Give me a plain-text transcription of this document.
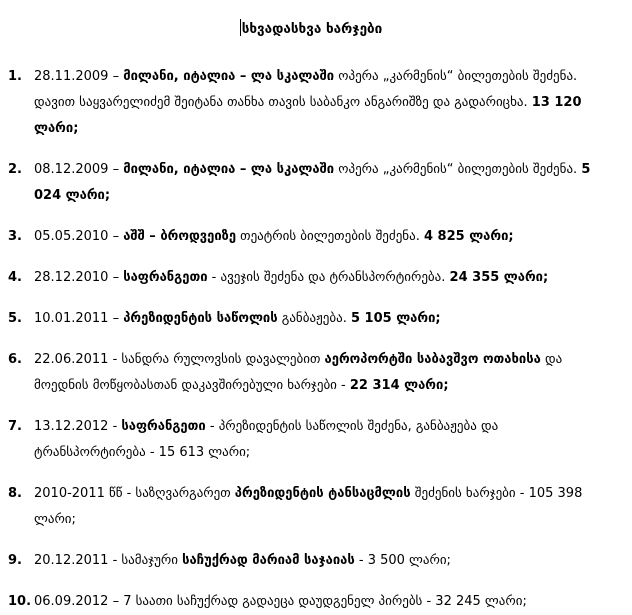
სხვადასხვა ხარჯები
1. 28.11.2009 – მილანი, იტალია – ლა სკალაში ოპერა „კარმენის“ ბილეთების შეძენა. დავით საყვარელიძემ შეიტანა თანხა თავის საბანკო ანგარიშზე და გადარიცხა. 13 120 ლარი;
2. 08.12.2009 – მილანი, იტალია – ლა სკალაში ოპერა „კარმენის“ ბილეთების შეძენა. 5 024 ლარი;
3. 05.05.2010 – აშშ – ბროდვეიზე თეატრის ბილეთების შეძენა. 4 825 ლარი;
4. 28.12.2010 – საფრანგეთი - ავეჯის შეძენა და ტრანსპორტირება. 24 355 ლარი;
5. 10.01.2011 – პრეზიდენტის საწოლის განბაჟება. 5 105 ლარი;
6. 22.06.2011 - სანდრა რულოვსის დავალებით აეროპორტში საბავშვო ოთახისა და მოედნის მოწყობასთან დაკავშირებული ხარჯები - 22 314 ლარი;
7. 13.12.2012 - საფრანგეთი - პრეზიდენტის საწოლის შეძენა, განბაჟება და ტრანსპორტირება - 15 613 ლარი;
8. 2010-2011 წწ - საზღვარგარეთ პრეზიდენტის ტანსაცმლის შეძენის ხარჯები - 105 398 ლარი;
9. 20.12.2011 - სამაჯური საჩუქრად მარიამ საჯაიას - 3 500 ლარი;
10. 06.09.2012 – 7 საათი საჩუქრად გადაეცა დაუდგენელ პირებს - 32 245 ლარი;
